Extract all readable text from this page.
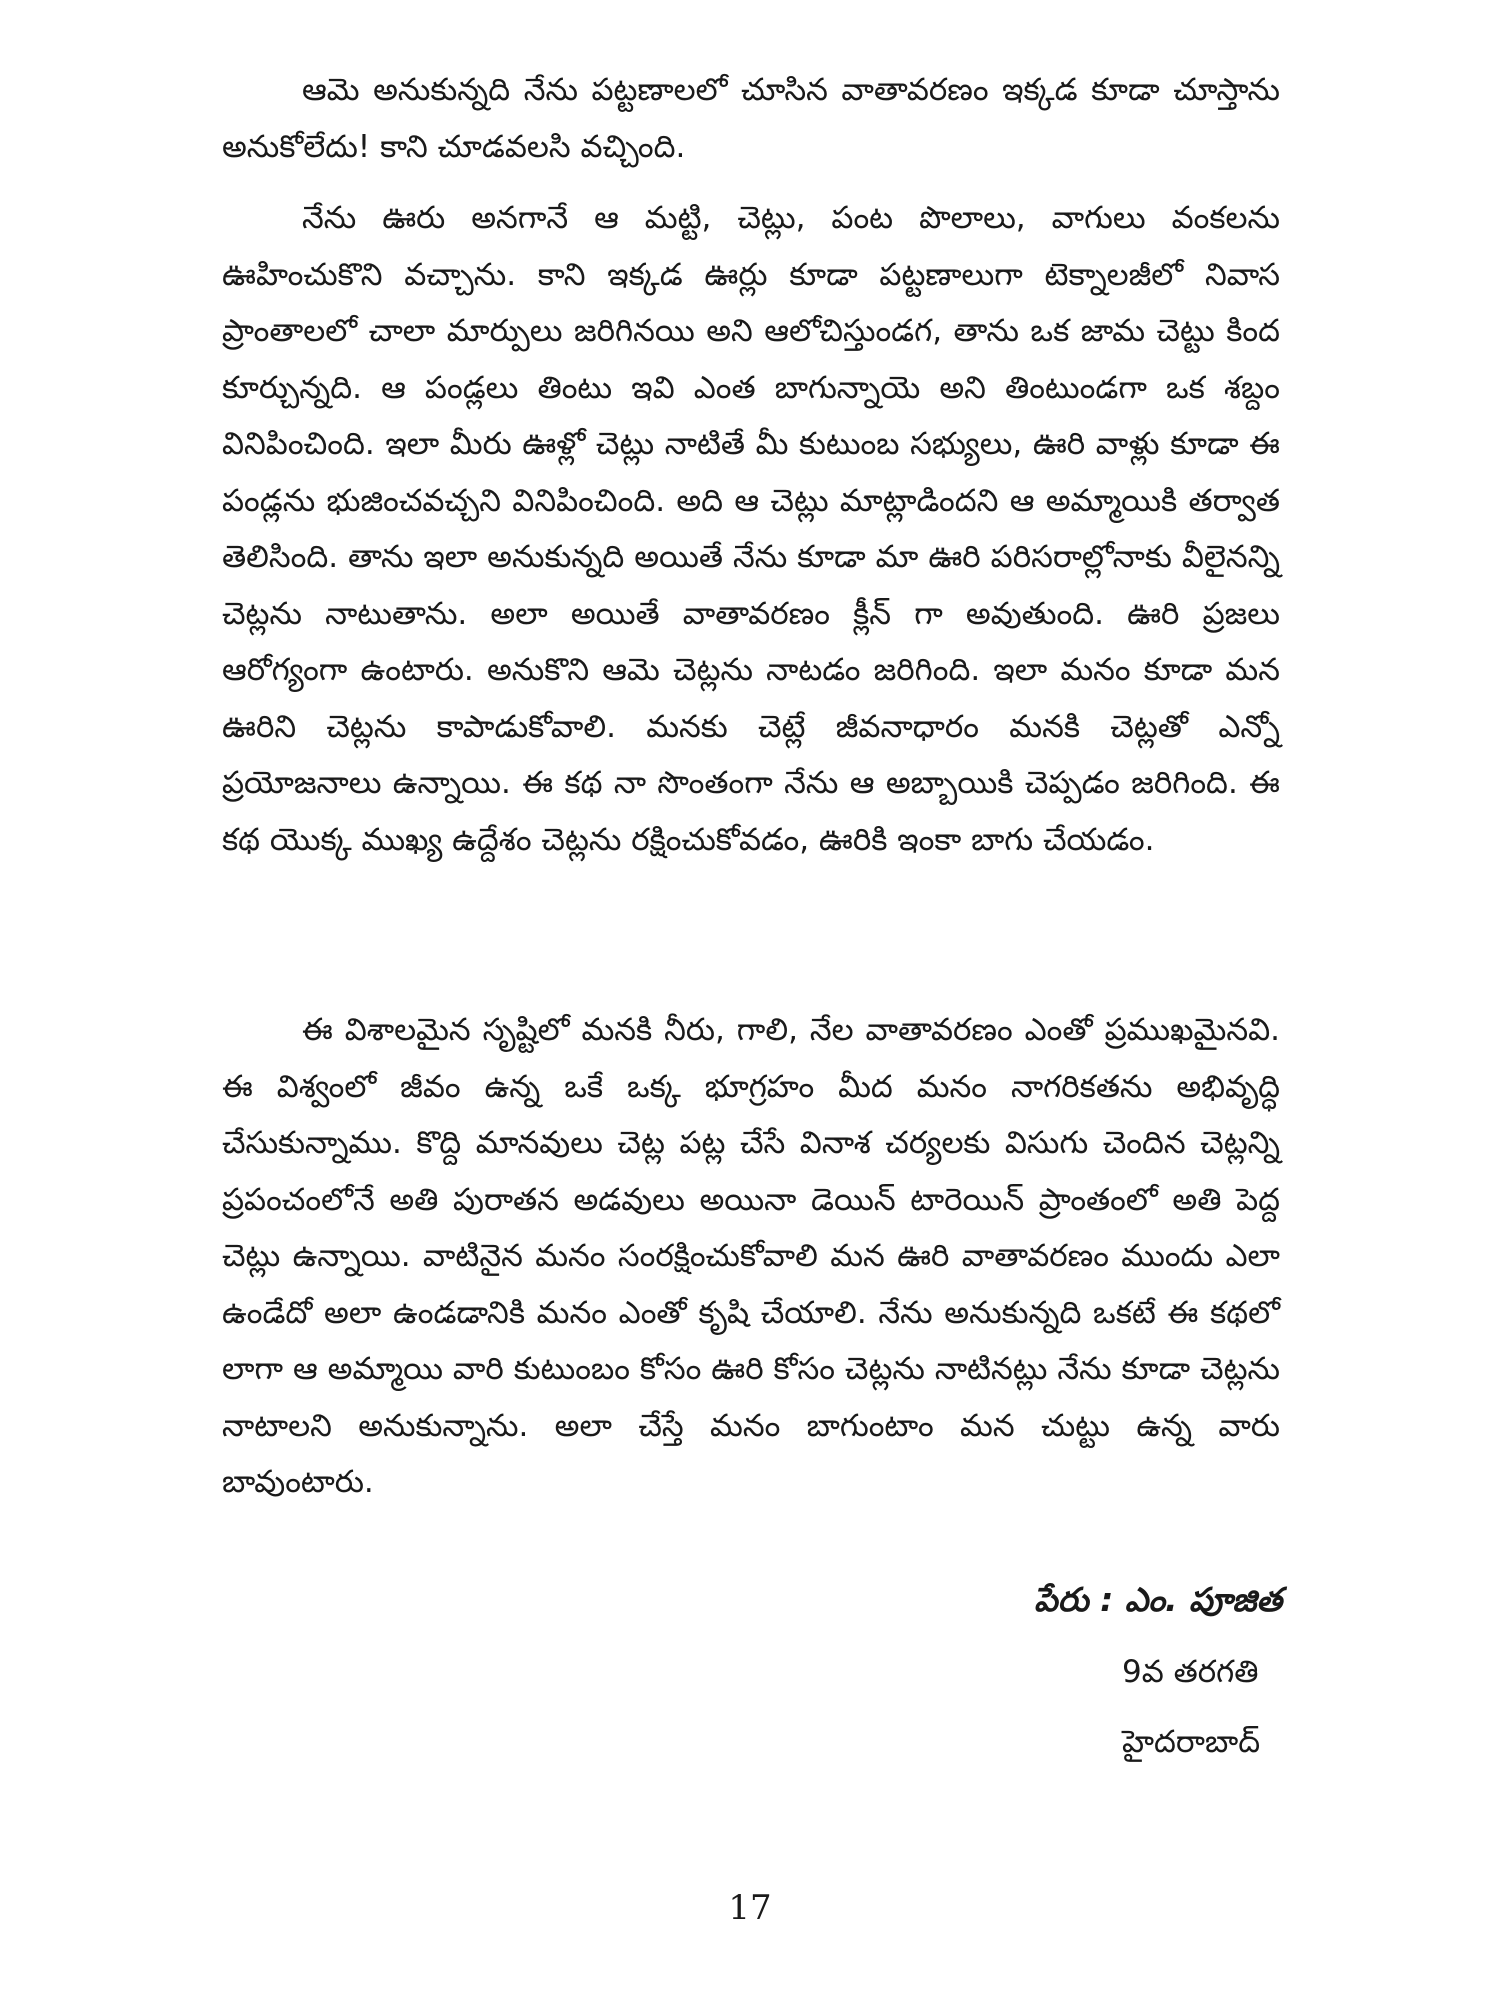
ఆమె అనుకున్నది నేను పట్టణాలలో చూసిన వాతావరణం ఇక్కడ కూడా చూస్తాను అనుకోలేదు! కాని చూడవలసి వచ్చింది.

నేను ఊరు అనగానే ఆ మట్టి, చెట్లు, పంట పొలాలు, వాగులు వంకలను ఊహించుకొని వచ్చాను. కాని ఇక్కడ ఊర్లు కూడా పట్టణాలుగా టెక్నాలజీలో నివాస ప్రాంతాలలో చాలా మార్పులు జరిగినయి అని ఆలోచిస్తుండగ, తాను ఒక జామ చెట్టు కింద కూర్చున్నది. ఆ పండ్లలు తింటు ఇవి ఎంత బాగున్నాయె అని తింటుండగా ఒక శబ్దం వినిపించింది. ఇలా మీరు ఊళ్లో చెట్లు నాటితే మీ కుటుంబ సభ్యులు, ఊరి వాళ్లు కూడా ఈ పండ్లను భుజించవచ్చని వినిపించింది. అది ఆ చెట్లు మాట్లాడిందని ఆ అమ్మాయికి తర్వాత తెలిసింది. తాను ఇలా అనుకున్నది అయితే నేను కూడా మా ఊరి పరిసరాల్లోనాకు వీలైనన్ని చెట్లను నాటుతాను. అలా అయితే వాతావరణం క్లీన్ గా అవుతుంది. ఊరి ప్రజలు ఆరోగ్యంగా ఉంటారు. అనుకొని ఆమె చెట్లను నాటడం జరిగింది. ఇలా మనం కూడా మన ఊరిని చెట్లను కాపాడుకోవాలి. మనకు చెట్లే జీవనాధారం మనకి చెట్లతో ఎన్నో ప్రయోజనాలు ఉన్నాయి. ఈ కథ నా సొంతంగా నేను ఆ అబ్బాయికి చెప్పడం జరిగింది. ఈ కథ యొక్క ముఖ్య ఉద్దేశం చెట్లను రక్షించుకోవడం, ఊరికి ఇంకా బాగు చేయడం.

ఈ విశాలమైన సృష్టిలో మనకి నీరు, గాలి, నేల వాతావరణం ఎంతో ప్రముఖమైనవి. ఈ విశ్వంలో జీవం ఉన్న ఒకే ఒక్క భూగ్రహం మీద మనం నాగరికతను అభివృద్ధి చేసుకున్నాము. కొద్ది మానవులు చెట్ల పట్ల చేసే వినాశ చర్యలకు విసుగు చెందిన చెట్లన్ని ప్రపంచంలోనే అతి పురాతన అడవులు అయినా డెయిన్ టారెయిన్ ప్రాంతంలో అతి పెద్ద చెట్లు ఉన్నాయి. వాటినైన మనం సంరక్షించుకోవాలి మన ఊరి వాతావరణం ముందు ఎలా ఉండేదో అలా ఉండడానికి మనం ఎంతో కృషి చేయాలి. నేను అనుకున్నది ఒకటే ఈ కథలో లాగా ఆ అమ్మాయి వారి కుటుంబం కోసం ఊరి కోసం చెట్లను నాటినట్లు నేను కూడా చెట్లను నాటాలని అనుకున్నాను. అలా చేస్తే మనం బాగుంటాం మన చుట్టు ఉన్న వారు బావుంటారు.

పేరు : ఎం. పూజిత
9వ తరగతి
హైదరాబాద్
17
